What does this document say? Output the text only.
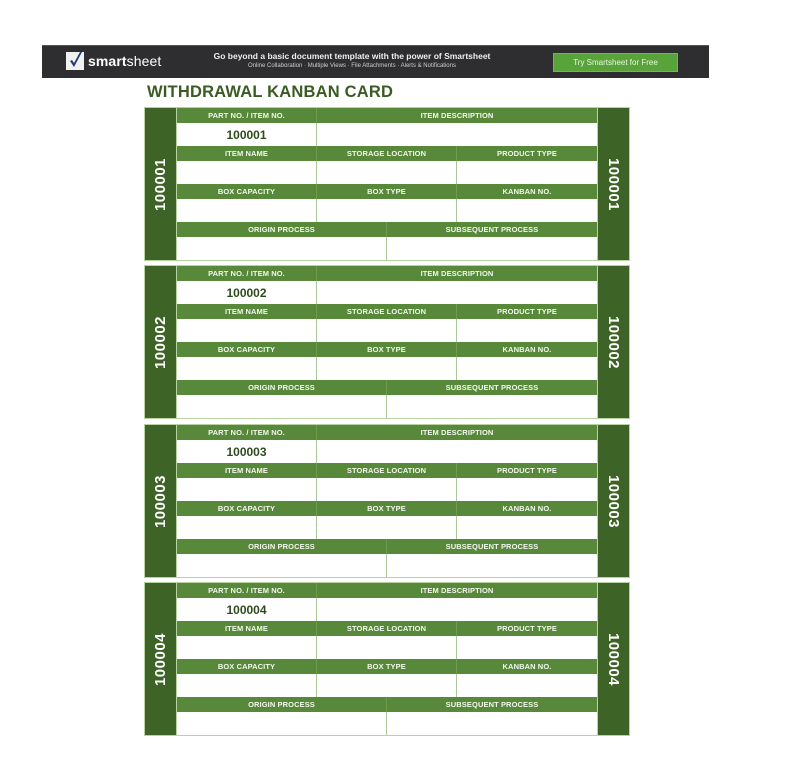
smartsheet	Go beyond a basic document template with the power of Smartsheet
Online Collaboration · Multiple Views · File Attachments · Alerts & Notifications	Try Smartsheet for Free
WITHDRAWAL KANBAN CARD
100001
PART NO. / ITEM NO.	ITEM DESCRIPTION
100001
ITEM NAME	STORAGE LOCATION	PRODUCT TYPE
BOX CAPACITY	BOX TYPE	KANBAN NO.
ORIGIN PROCESS	SUBSEQUENT PROCESS
100001
100002
PART NO. / ITEM NO.	ITEM DESCRIPTION
100002
ITEM NAME	STORAGE LOCATION	PRODUCT TYPE
BOX CAPACITY	BOX TYPE	KANBAN NO.
ORIGIN PROCESS	SUBSEQUENT PROCESS
100002
100003
PART NO. / ITEM NO.	ITEM DESCRIPTION
100003
ITEM NAME	STORAGE LOCATION	PRODUCT TYPE
BOX CAPACITY	BOX TYPE	KANBAN NO.
ORIGIN PROCESS	SUBSEQUENT PROCESS
100003
100004
PART NO. / ITEM NO.	ITEM DESCRIPTION
100004
ITEM NAME	STORAGE LOCATION	PRODUCT TYPE
BOX CAPACITY	BOX TYPE	KANBAN NO.
ORIGIN PROCESS	SUBSEQUENT PROCESS
100004
